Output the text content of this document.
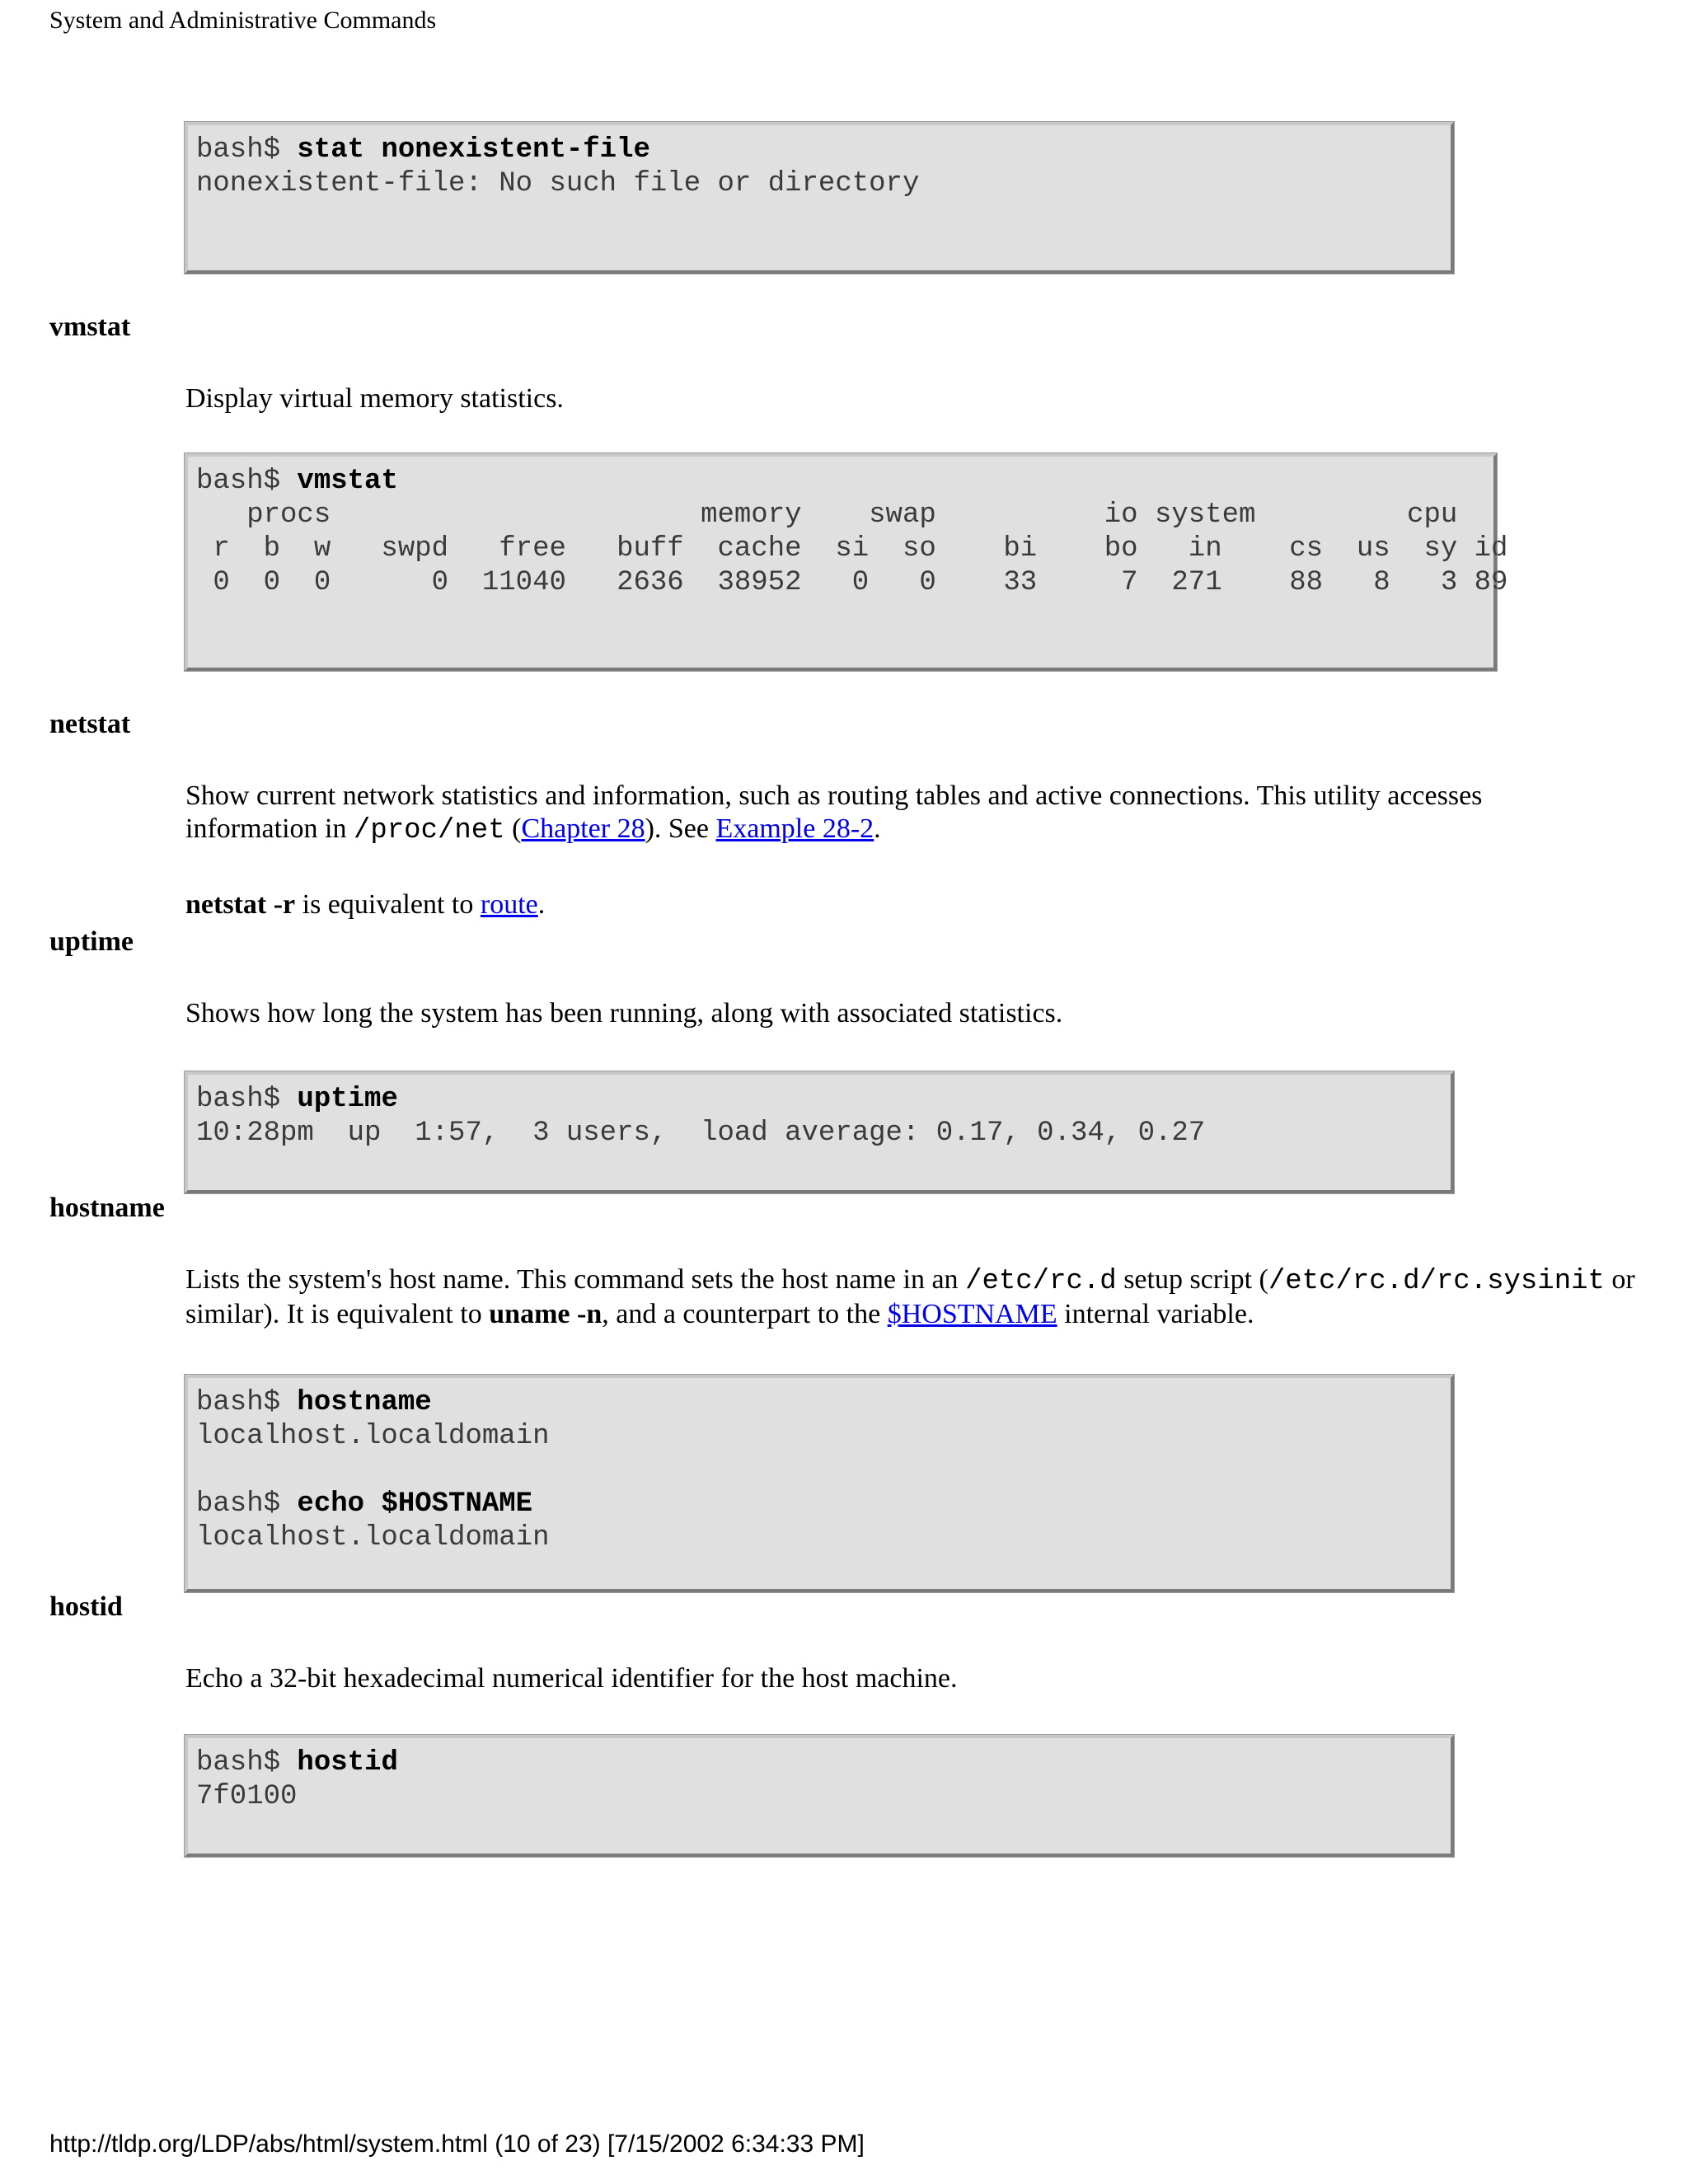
System and Administrative Commands
bash$ stat nonexistent-file
nonexistent-file: No such file or directory
vmstat
Display virtual memory statistics.
bash$ vmstat
procs                      memory    swap          io system         cpu
r  b  w   swpd   free   buff  cache  si  so    bi    bo   in    cs  us  sy id
0  0  0      0  11040   2636  38952   0   0    33     7  271    88   8   3 89
netstat
Show current network statistics and information, such as routing tables and active connections. This utility accesses information in /proc/net (Chapter 28). See Example 28-2.
netstat -r is equivalent to route.
uptime
Shows how long the system has been running, along with associated statistics.
bash$ uptime
10:28pm  up  1:57,  3 users,  load average: 0.17, 0.34, 0.27
hostname
Lists the system's host name. This command sets the host name in an /etc/rc.d setup script (/etc/rc.d/rc.sysinit or similar). It is equivalent to uname -n, and a counterpart to the $HOSTNAME internal variable.
bash$ hostname
localhost.localdomain

bash$ echo $HOSTNAME
localhost.localdomain
hostid
Echo a 32-bit hexadecimal numerical identifier for the host machine.
bash$ hostid
7f0100
http://tldp.org/LDP/abs/html/system.html (10 of 23) [7/15/2002 6:34:33 PM]
